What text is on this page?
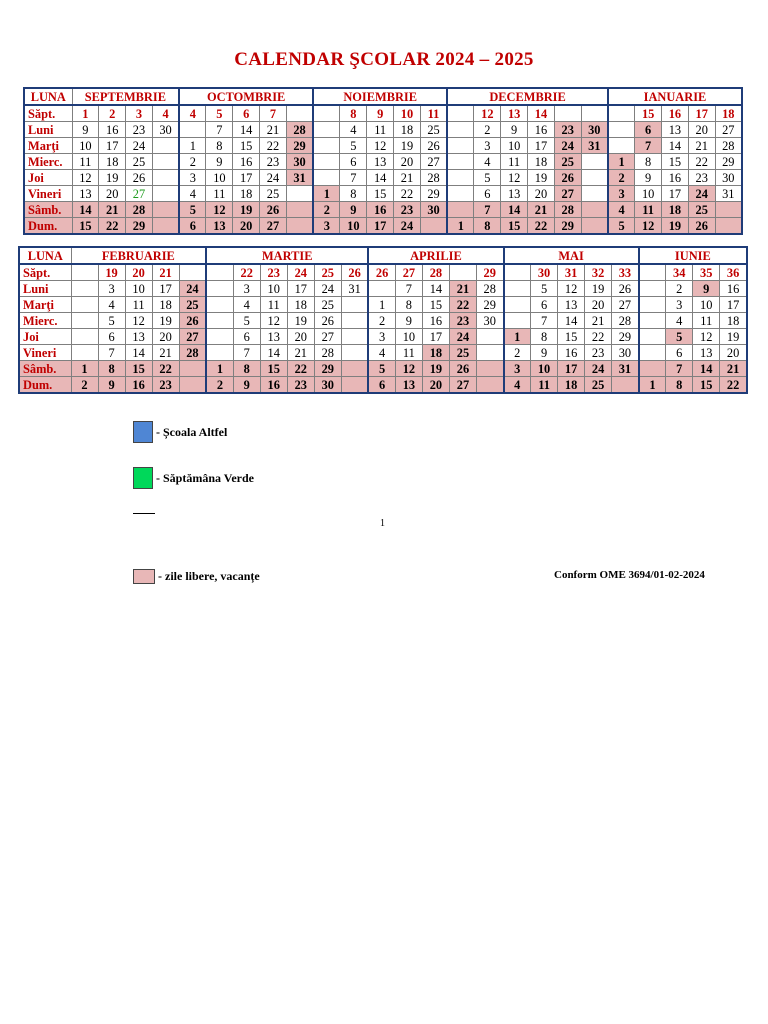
CALENDAR ŞCOLAR 2024 – 2025
LUNA	SEPTEMBRIE				OCTOMBRIE					NOIEMBRIE					DECEMBRIE						IANUARIE				
Săpt.	1	2	3	4	4	5	6	7			8	9	10	11		12	13	14				15	16	17	18
Luni	9	16	23	30		7	14	21	28		4	11	18	25		2	9	16	23	30		6	13	20	27
Marţi	10	17	24		1	8	15	22	29		5	12	19	26		3	10	17	24	31		7	14	21	28
Mierc.	11	18	25		2	9	16	23	30		6	13	20	27		4	11	18	25		1	8	15	22	29
Joi	12	19	26		3	10	17	24	31		7	14	21	28		5	12	19	26		2	9	16	23	30
Vineri	13	20	27		4	11	18	25		1	8	15	22	29		6	13	20	27		3	10	17	24	31
Sâmb.	14	21	28		5	12	19	26		2	9	16	23	30		7	14	21	28		4	11	18	25	
Dum.	15	22	29		6	13	20	27		3	10	17	24		1	8	15	22	29		5	12	19	26	
LUNA	FEBRUARIE					MARTIE						APRILIE					MAI					IUNIE			
Săpt.		19	20	21			22	23	24	25	26	26	27	28		29		30	31	32	33		34	35	36
Luni		3	10	17	24		3	10	17	24	31		7	14	21	28		5	12	19	26		2	9	16
Marţi		4	11	18	25		4	11	18	25		1	8	15	22	29		6	13	20	27		3	10	17
Mierc.		5	12	19	26		5	12	19	26		2	9	16	23	30		7	14	21	28		4	11	18
Joi		6	13	20	27		6	13	20	27		3	10	17	24		1	8	15	22	29		5	12	19
Vineri		7	14	21	28		7	14	21	28		4	11	18	25		2	9	16	23	30		6	13	20
Sâmb.	1	8	15	22		1	8	15	22	29		5	12	19	26		3	10	17	24	31		7	14	21
Dum.	2	9	16	23		2	9	16	23	30		6	13	20	27		4	11	18	25		1	8	15	22
- Școala Altfel
- Săptămâna Verde
1
- zile libere, vacanțe	Conform OME 3694/01-02-2024
